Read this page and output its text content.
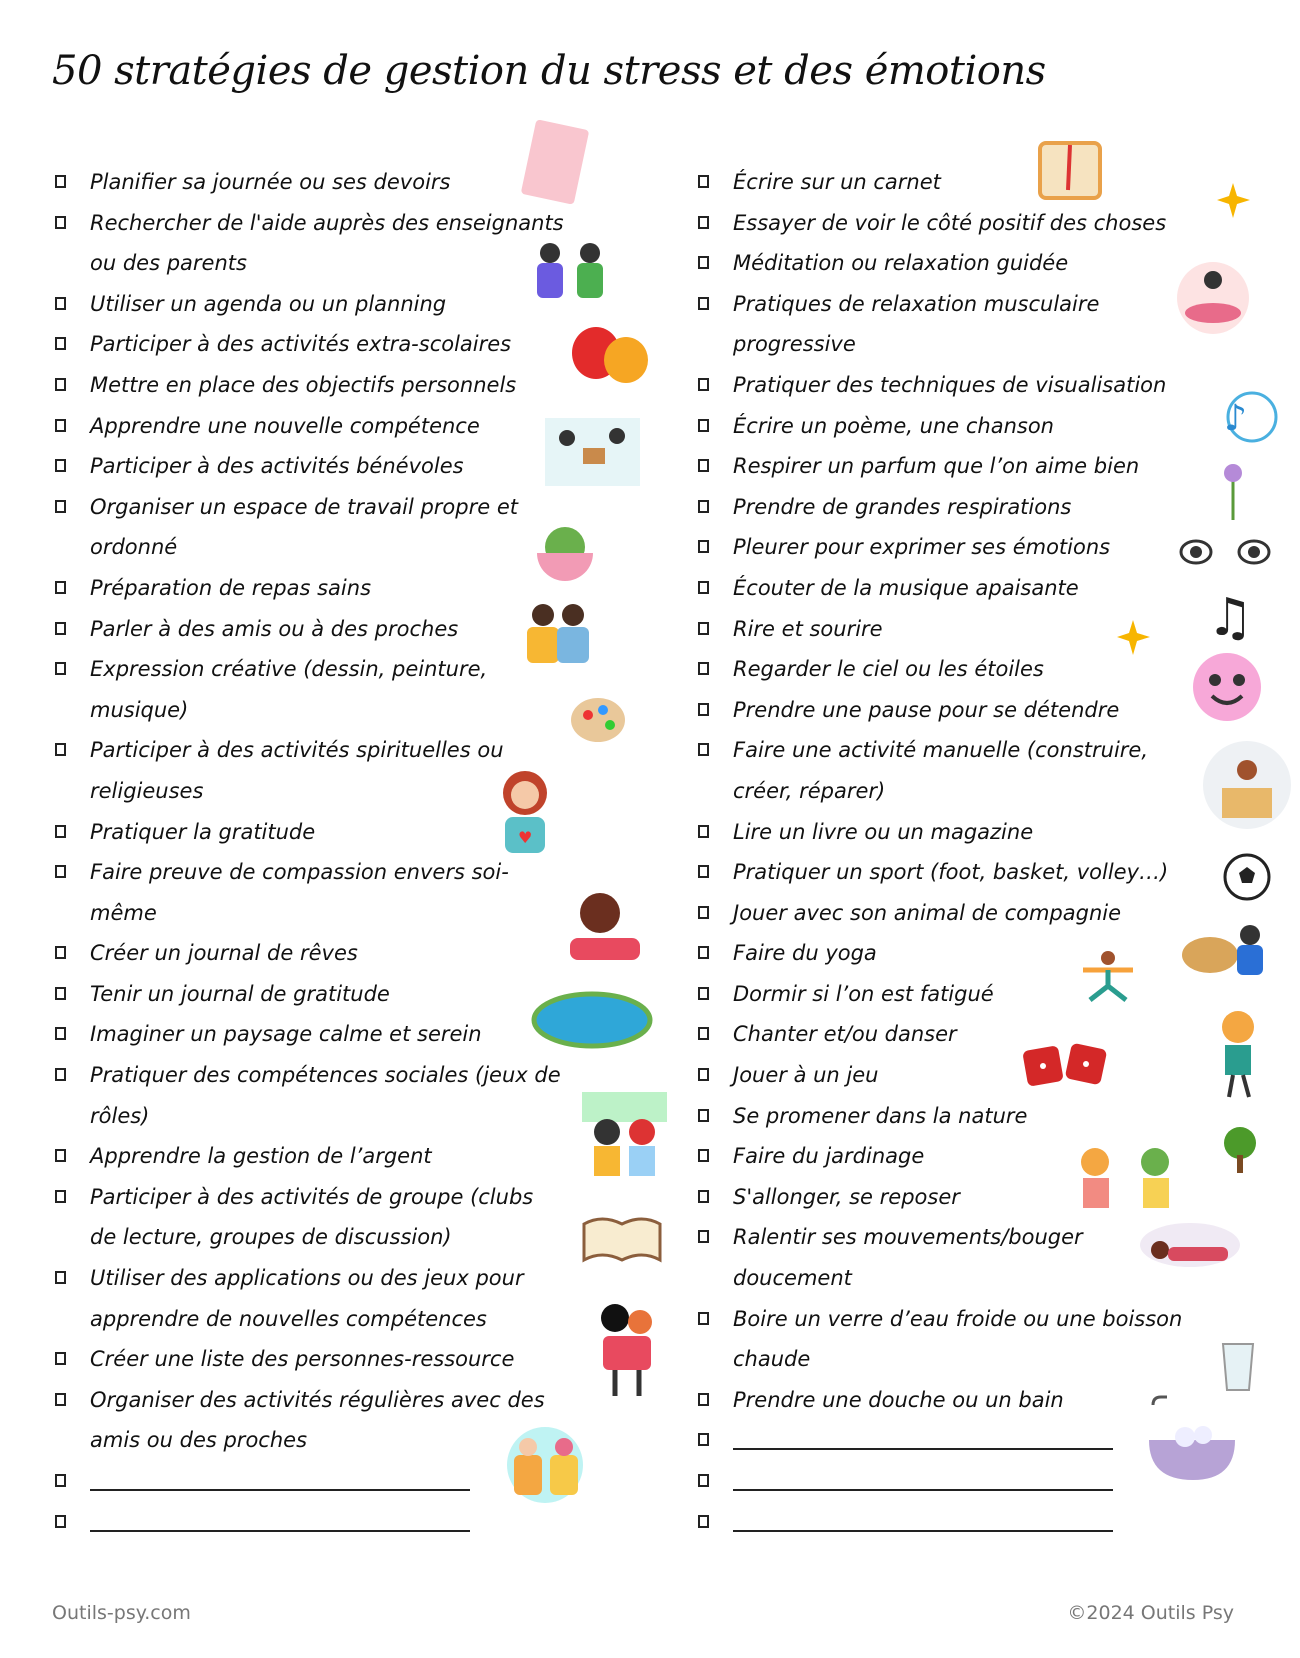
50 stratégies de gestion du stress et des émotions
Planifier sa journée ou ses devoirs
Rechercher de l'aide auprès des enseignants
ou des parents
Utiliser un agenda ou un planning
Participer à des activités extra-scolaires
Mettre en place des objectifs personnels
Apprendre une nouvelle compétence
Participer à des activités bénévoles
Organiser un espace de travail propre et
ordonné
Préparation de repas sains
Parler à des amis ou à des proches
Expression créative (dessin, peinture,
musique)
Participer à des activités spirituelles ou
religieuses
Pratiquer la gratitude
Faire preuve de compassion envers soi-
même
Créer un journal de rêves
Tenir un journal de gratitude
Imaginer un paysage calme et serein
Pratiquer des compétences sociales (jeux de
rôles)
Apprendre la gestion de l’argent
Participer à des activités de groupe (clubs
de lecture, groupes de discussion)
Utiliser des applications ou des jeux pour
apprendre de nouvelles compétences
Créer une liste des personnes-ressource
Organiser des activités régulières avec des
amis ou des proches
Écrire sur un carnet
Essayer de voir le côté positif des choses
Méditation ou relaxation guidée
Pratiques de relaxation musculaire
progressive
Pratiquer des techniques de visualisation
Écrire un poème, une chanson
Respirer un parfum que l’on aime bien
Prendre de grandes respirations
Pleurer pour exprimer ses émotions
Écouter de la musique apaisante
Rire et sourire
Regarder le ciel ou les étoiles
Prendre une pause pour se détendre
Faire une activité manuelle (construire,
créer, réparer)
Lire un livre ou un magazine
Pratiquer un sport (foot, basket, volley…)
Jouer avec son animal de compagnie
Faire du yoga
Dormir si l’on est fatigué
Chanter et/ou danser
Jouer à un jeu
Se promener dans la nature
Faire du jardinage
S'allonger, se reposer
Ralentir ses mouvements/bouger
doucement
Boire un verre d’eau froide ou une boisson
chaude
Prendre une douche ou un bain
♪
♫
♥
Outils-psy.com	©2024 Outils Psy
